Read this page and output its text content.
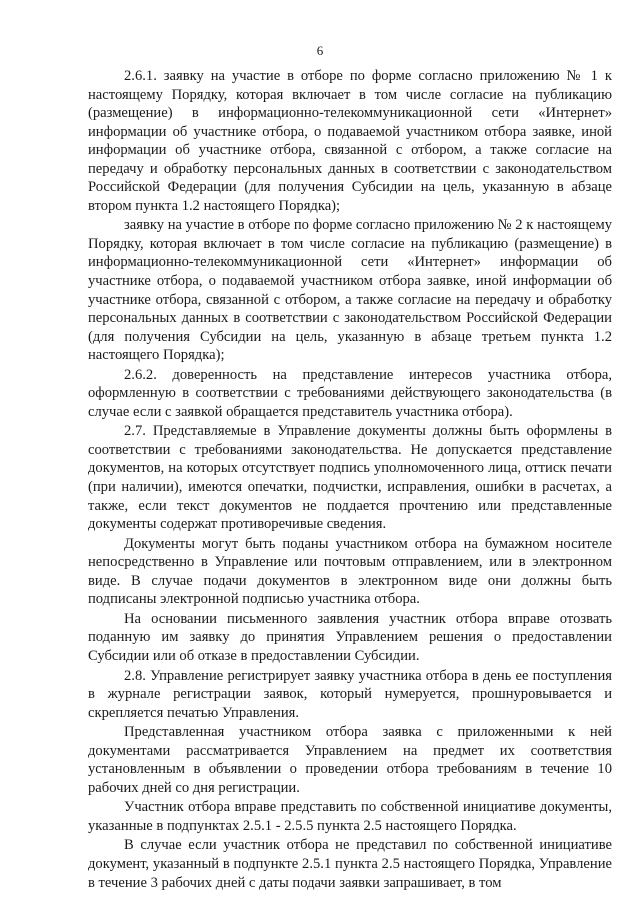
6

2.6.1. заявку на участие в отборе по форме согласно приложению № 1 к настоящему Порядку, которая включает в том числе согласие на публикацию (размещение) в информационно-телекоммуникационной сети «Интернет» информации об участнике отбора, о подаваемой участником отбора заявке, иной информации об участнике отбора, связанной с отбором, а также согласие на передачу и обработку персональных данных в соответствии с законодательством Российской Федерации (для получения Субсидии на цель, указанную в абзаце втором пункта 1.2 настоящего Порядка);

заявку на участие в отборе по форме согласно приложению № 2 к настоящему Порядку, которая включает в том числе согласие на публикацию (размещение) в информационно-телекоммуникационной сети «Интернет» информации об участнике отбора, о подаваемой участником отбора заявке, иной информации об участнике отбора, связанной с отбором, а также согласие на передачу и обработку персональных данных в соответствии с законодательством Российской Федерации (для получения Субсидии на цель, указанную в абзаце третьем пункта 1.2 настоящего Порядка);

2.6.2. доверенность на представление интересов участника отбора, оформленную в соответствии с требованиями действующего законодательства (в случае если с заявкой обращается представитель участника отбора).

2.7. Представляемые в Управление документы должны быть оформлены в соответствии с требованиями законодательства. Не допускается представление документов, на которых отсутствует подпись уполномоченного лица, оттиск печати (при наличии), имеются опечатки, подчистки, исправления, ошибки в расчетах, а также, если текст документов не поддается прочтению или представленные документы содержат противоречивые сведения.

Документы могут быть поданы участником отбора на бумажном носителе непосредственно в Управление или почтовым отправлением, или в электронном виде. В случае подачи документов в электронном виде они должны быть подписаны электронной подписью участника отбора.

На основании письменного заявления участник отбора вправе отозвать поданную им заявку до принятия Управлением решения о предоставлении Субсидии или об отказе в предоставлении Субсидии.

2.8. Управление регистрирует заявку участника отбора в день ее поступления в журнале регистрации заявок, который нумеруется, прошнуровывается и скрепляется печатью Управления.

Представленная участником отбора заявка с приложенными к ней документами рассматривается Управлением на предмет их соответствия установленным в объявлении о проведении отбора требованиям в течение 10 рабочих дней со дня регистрации.

Участник отбора вправе представить по собственной инициативе документы, указанные в подпунктах 2.5.1 - 2.5.5 пункта 2.5 настоящего Порядка.

В случае если участник отбора не представил по собственной инициативе документ, указанный в подпункте 2.5.1 пункта 2.5 настоящего Порядка, Управление в течение 3 рабочих дней с даты подачи заявки запрашивает, в том
